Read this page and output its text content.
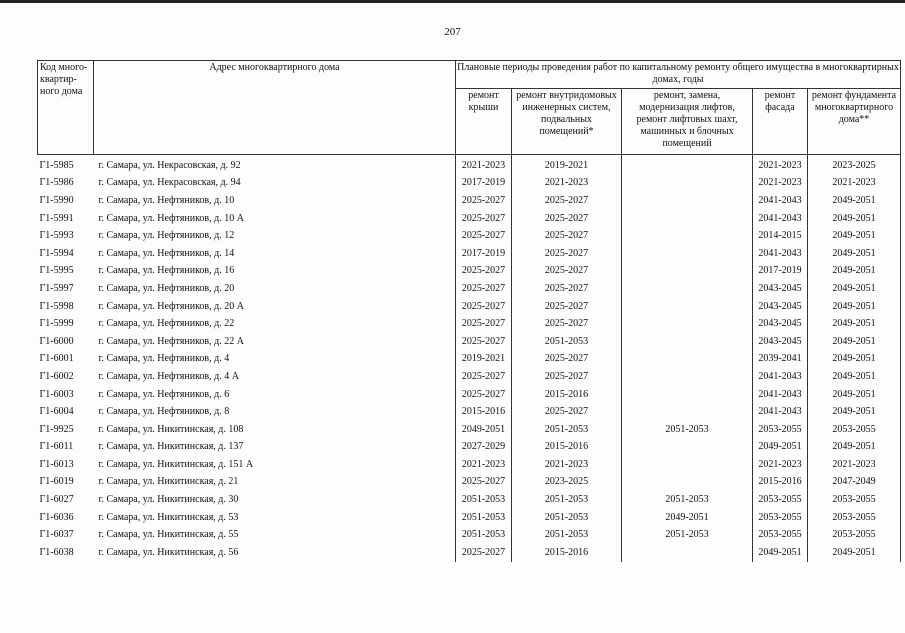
207
Код много-квартир-ного дома	Адрес многоквартирного дома	Плановые периоды проведения работ по капитальному ремонту общего имущества в многоквартирных домах, годы				
		ремонт крыши	ремонт внутридомовых инженерных систем, подвальных помещений*	ремонт, замена, модернизация лифтов, ремонт лифтовых шахт, машинных и блочных помещений	ремонт фасада	ремонт фундамента многоквартирного дома**
Г1-5985	г. Самара, ул. Некрасовская, д. 92	2021-2023	2019-2021		2021-2023	2023-2025
Г1-5986	г. Самара, ул. Некрасовская, д. 94	2017-2019	2021-2023		2021-2023	2021-2023
Г1-5990	г. Самара, ул. Нефтяников, д. 10	2025-2027	2025-2027		2041-2043	2049-2051
Г1-5991	г. Самара, ул. Нефтяников, д. 10 А	2025-2027	2025-2027		2041-2043	2049-2051
Г1-5993	г. Самара, ул. Нефтяников, д. 12	2025-2027	2025-2027		2014-2015	2049-2051
Г1-5994	г. Самара, ул. Нефтяников, д. 14	2017-2019	2025-2027		2041-2043	2049-2051
Г1-5995	г. Самара, ул. Нефтяников, д. 16	2025-2027	2025-2027		2017-2019	2049-2051
Г1-5997	г. Самара, ул. Нефтяников, д. 20	2025-2027	2025-2027		2043-2045	2049-2051
Г1-5998	г. Самара, ул. Нефтяников, д. 20 А	2025-2027	2025-2027		2043-2045	2049-2051
Г1-5999	г. Самара, ул. Нефтяников, д. 22	2025-2027	2025-2027		2043-2045	2049-2051
Г1-6000	г. Самара, ул. Нефтяников, д. 22 А	2025-2027	2051-2053		2043-2045	2049-2051
Г1-6001	г. Самара, ул. Нефтяников, д. 4	2019-2021	2025-2027		2039-2041	2049-2051
Г1-6002	г. Самара, ул. Нефтяников, д. 4 А	2025-2027	2025-2027		2041-2043	2049-2051
Г1-6003	г. Самара, ул. Нефтяников, д. 6	2025-2027	2015-2016		2041-2043	2049-2051
Г1-6004	г. Самара, ул. Нефтяников, д. 8	2015-2016	2025-2027		2041-2043	2049-2051
Г1-9925	г. Самара, ул. Никитинская, д. 108	2049-2051	2051-2053	2051-2053	2053-2055	2053-2055
Г1-6011	г. Самара, ул. Никитинская, д. 137	2027-2029	2015-2016		2049-2051	2049-2051
Г1-6013	г. Самара, ул. Никитинская, д. 151 А	2021-2023	2021-2023		2021-2023	2021-2023
Г1-6019	г. Самара, ул. Никитинская, д. 21	2025-2027	2023-2025		2015-2016	2047-2049
Г1-6027	г. Самара, ул. Никитинская, д. 30	2051-2053	2051-2053	2051-2053	2053-2055	2053-2055
Г1-6036	г. Самара, ул. Никитинская, д. 53	2051-2053	2051-2053	2049-2051	2053-2055	2053-2055
Г1-6037	г. Самара, ул. Никитинская, д. 55	2051-2053	2051-2053	2051-2053	2053-2055	2053-2055
Г1-6038	г. Самара, ул. Никитинская, д. 56	2025-2027	2015-2016		2049-2051	2049-2051
